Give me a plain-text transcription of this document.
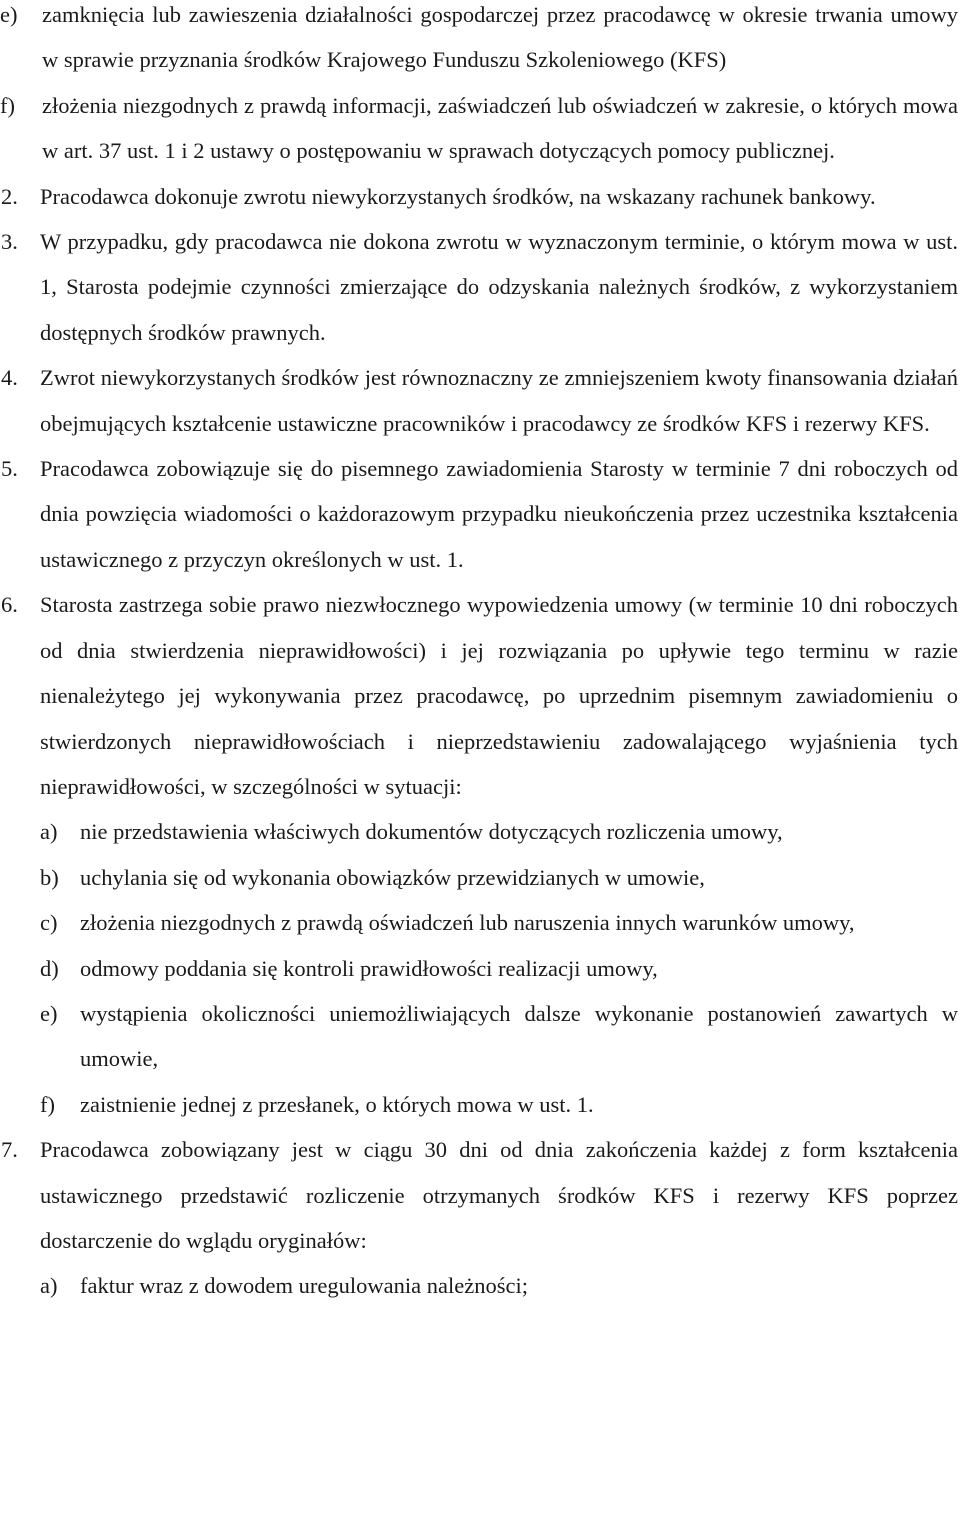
e) zamknięcia lub zawieszenia działalności gospodarczej przez pracodawcę w okresie trwania umowy w sprawie przyznania środków Krajowego Funduszu Szkoleniowego (KFS)
f) złożenia niezgodnych z prawdą informacji, zaświadczeń lub oświadczeń w zakresie, o których mowa w art. 37 ust. 1 i 2 ustawy o postępowaniu w sprawach dotyczących pomocy publicznej.
2. Pracodawca dokonuje zwrotu niewykorzystanych środków, na wskazany rachunek bankowy.
3. W przypadku, gdy pracodawca nie dokona zwrotu w wyznaczonym terminie, o którym mowa w ust. 1, Starosta podejmie czynności zmierzające do odzyskania należnych środków, z wykorzystaniem dostępnych środków prawnych.
4. Zwrot niewykorzystanych środków jest równoznaczny ze zmniejszeniem kwoty finansowania działań obejmujących kształcenie ustawiczne pracowników i pracodawcy ze środków KFS i rezerwy KFS.
5. Pracodawca zobowiązuje się do pisemnego zawiadomienia Starosty w terminie 7 dni roboczych od dnia powzięcia wiadomości o każdorazowym przypadku nieukończenia przez uczestnika kształcenia ustawicznego z przyczyn określonych w ust. 1.
6. Starosta zastrzega sobie prawo niezwłocznego wypowiedzenia umowy (w terminie 10 dni roboczych od dnia stwierdzenia nieprawidłowości) i jej rozwiązania po upływie tego terminu w razie nienależytego jej wykonywania przez pracodawcę, po uprzednim pisemnym zawiadomieniu o stwierdzonych nieprawidłowościach i nieprzedstawieniu zadowalającego wyjaśnienia tych nieprawidłowości, w szczególności w sytuacji:
a) nie przedstawienia właściwych dokumentów dotyczących rozliczenia umowy,
b) uchylania się od wykonania obowiązków przewidzianych w umowie,
c) złożenia niezgodnych z prawdą oświadczeń lub naruszenia innych warunków umowy,
d) odmowy poddania się kontroli prawidłowości realizacji umowy,
e) wystąpienia okoliczności uniemożliwiających dalsze wykonanie postanowień zawartych w umowie,
f) zaistnienie jednej z przesłanek, o których mowa w ust. 1.
7. Pracodawca zobowiązany jest w ciągu 30 dni od dnia zakończenia każdej z form kształcenia ustawicznego przedstawić rozliczenie otrzymanych środków KFS i rezerwy KFS poprzez dostarczenie do wglądu oryginałów:
a) faktur wraz z dowodem uregulowania należności;
